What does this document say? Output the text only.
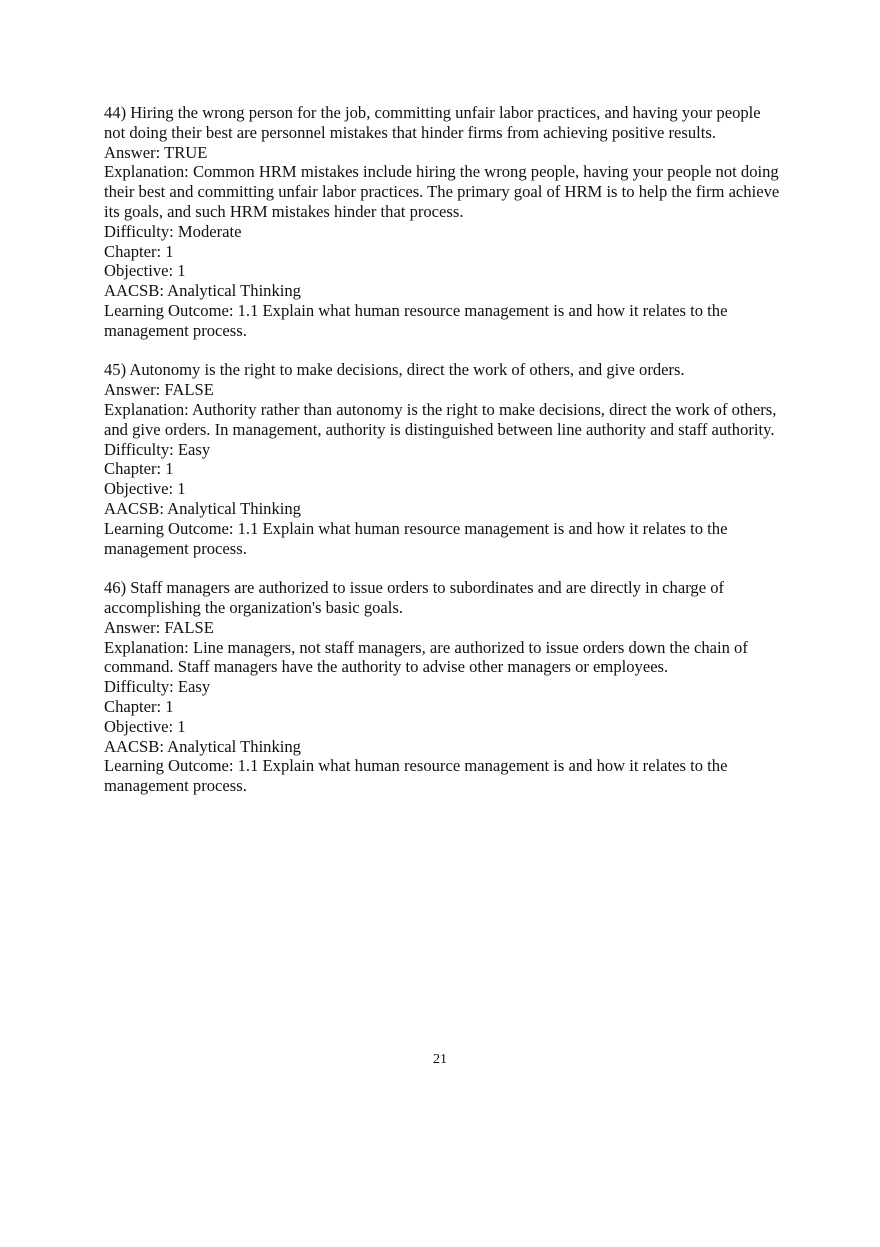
44) Hiring the wrong person for the job, committing unfair labor practices, and having your people not doing their best are personnel mistakes that hinder firms from achieving positive results.

Answer: TRUE

Explanation: Common HRM mistakes include hiring the wrong people, having your people not doing their best and committing unfair labor practices. The primary goal of HRM is to help the firm achieve its goals, and such HRM mistakes hinder that process.

Difficulty: Moderate

Chapter: 1

Objective: 1

AACSB: Analytical Thinking

Learning Outcome: 1.1 Explain what human resource management is and how it relates to the management process.

45) Autonomy is the right to make decisions, direct the work of others, and give orders.

Answer: FALSE

Explanation: Authority rather than autonomy is the right to make decisions, direct the work of others, and give orders. In management, authority is distinguished between line authority and staff authority.

Difficulty: Easy

Chapter: 1

Objective: 1

AACSB: Analytical Thinking

Learning Outcome: 1.1 Explain what human resource management is and how it relates to the management process.

46) Staff managers are authorized to issue orders to subordinates and are directly in charge of accomplishing the organization's basic goals.

Answer: FALSE

Explanation: Line managers, not staff managers, are authorized to issue orders down the chain of command. Staff managers have the authority to advise other managers or employees.

Difficulty: Easy

Chapter: 1

Objective: 1

AACSB: Analytical Thinking

Learning Outcome: 1.1 Explain what human resource management is and how it relates to the management process.

21
